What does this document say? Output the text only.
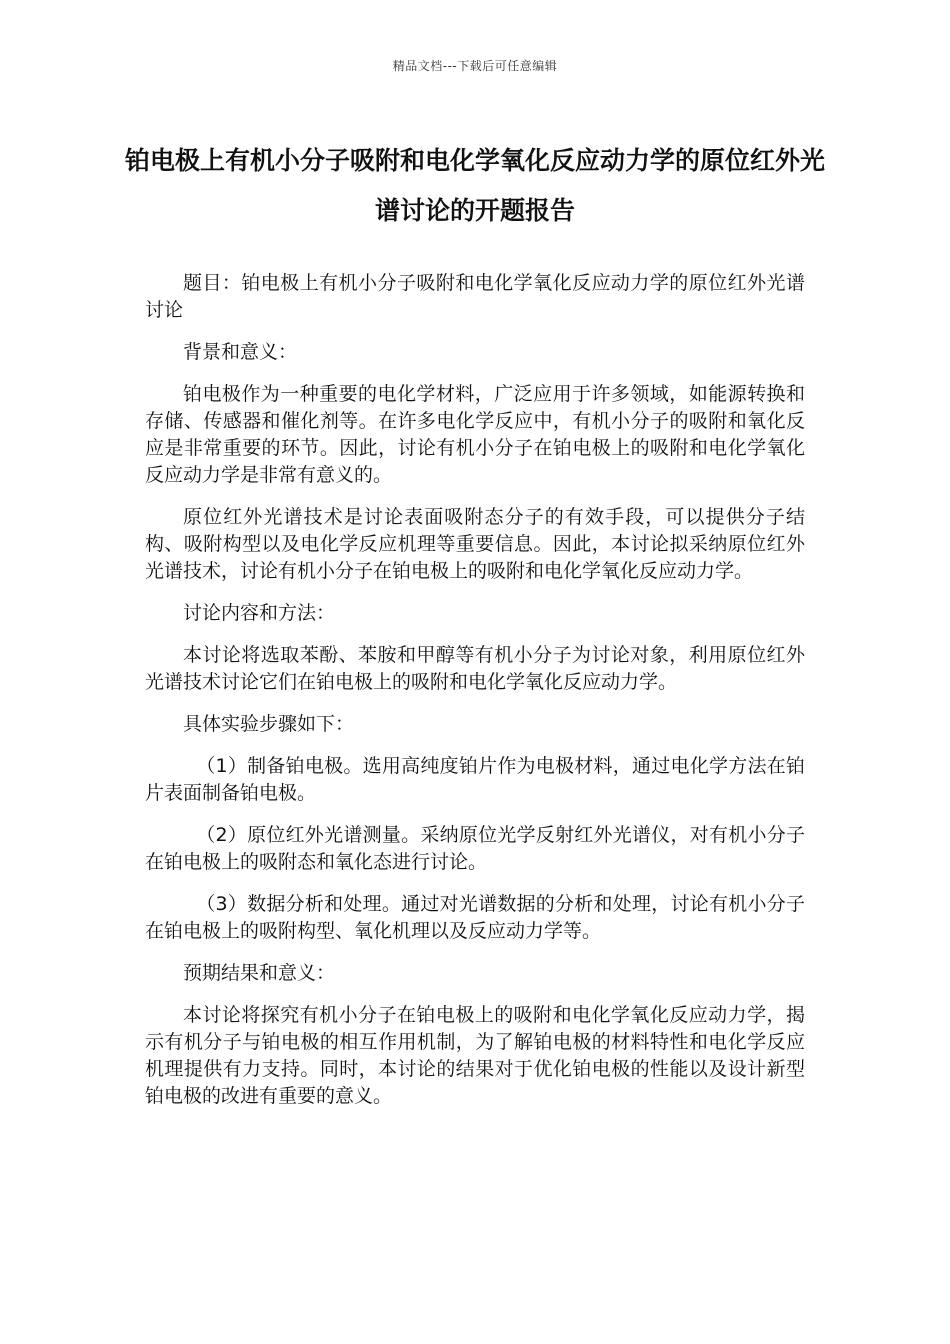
精品文档---下载后可任意编辑
铂电极上有机小分子吸附和电化学氧化反应动力学的原位红外光谱讨论的开题报告

题目：铂电极上有机小分子吸附和电化学氧化反应动力学的原位红外光谱讨论

背景和意义：

铂电极作为一种重要的电化学材料，广泛应用于许多领域，如能源转换和存储、传感器和催化剂等。在许多电化学反应中，有机小分子的吸附和氧化反应是非常重要的环节。因此，讨论有机小分子在铂电极上的吸附和电化学氧化反应动力学是非常有意义的。

原位红外光谱技术是讨论表面吸附态分子的有效手段，可以提供分子结构、吸附构型以及电化学反应机理等重要信息。因此，本讨论拟采纳原位红外光谱技术，讨论有机小分子在铂电极上的吸附和电化学氧化反应动力学。

讨论内容和方法：

本讨论将选取苯酚、苯胺和甲醇等有机小分子为讨论对象，利用原位红外光谱技术讨论它们在铂电极上的吸附和电化学氧化反应动力学。

具体实验步骤如下：

（1）制备铂电极。选用高纯度铂片作为电极材料，通过电化学方法在铂片表面制备铂电极。

（2）原位红外光谱测量。采纳原位光学反射红外光谱仪，对有机小分子在铂电极上的吸附态和氧化态进行讨论。

（3）数据分析和处理。通过对光谱数据的分析和处理，讨论有机小分子在铂电极上的吸附构型、氧化机理以及反应动力学等。

预期结果和意义：

本讨论将探究有机小分子在铂电极上的吸附和电化学氧化反应动力学，揭示有机分子与铂电极的相互作用机制，为了解铂电极的材料特性和电化学反应机理提供有力支持。同时，本讨论的结果对于优化铂电极的性能以及设计新型铂电极的改进有重要的意义。
